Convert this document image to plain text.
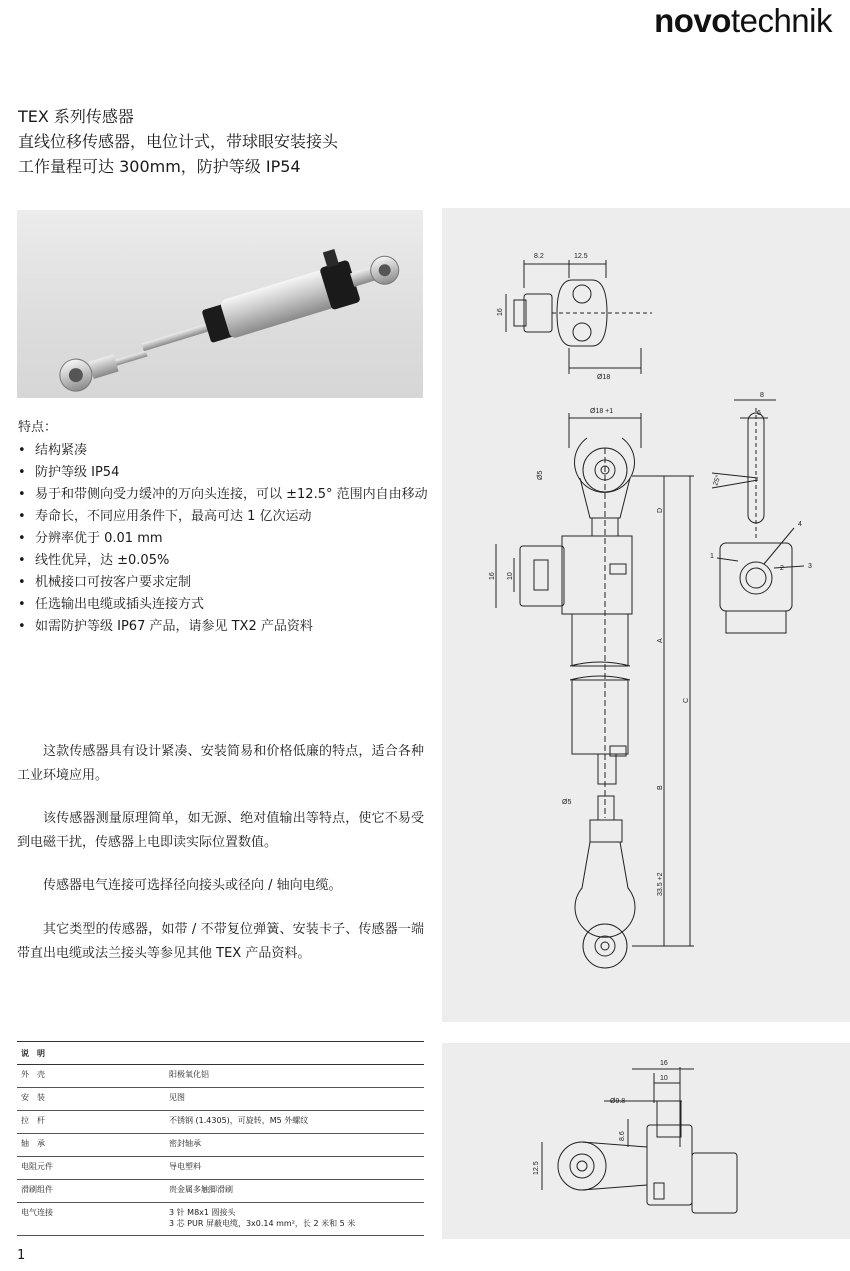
novotechnik
TEX 系列传感器
直线位移传感器，电位计式，带球眼安装接头
工作量程可达 300mm，防护等级 IP54
特点：
• 结构紧凑
• 防护等级 IP54
• 易于和带侧向受力缓冲的万向头连接，可以 ±12.5° 范围内自由移动
• 寿命长，不同应用条件下，最高可达 1 亿次运动
• 分辨率优于 0.01 mm
• 线性优异，达 ±0.05%
• 机械接口可按客户要求定制
• 任选输出电缆或插头连接方式
• 如需防护等级 IP67 产品，请参见 TX2 产品资料

这款传感器具有设计紧凑、安装简易和价格低廉的特点，适合各种工业环境应用。

该传感器测量原理简单，如无源、绝对值输出等特点，使它不易受到电磁干扰，传感器上电即读实际位置数值。

传感器电气连接可选择径向接头或径向 / 轴向电缆。

其它类型的传感器，如带 / 不带复位弹簧、安装卡子、传感器一端带直出电缆或法兰接头等参见其他 TEX 产品资料。

8.2	12.5
16
Ø18
Ø18 +1
Ø5
D
A
B
C
16 10
Ø5
33.5 +2
8
6
25°
1
2	3
4
16
10
Ø9.8
8.6
12.5
说　明	
外　壳	阳极氧化铝
安　装	见图
拉　杆	不锈钢 (1.4305)，可旋转，M5 外螺纹
轴　承	密封轴承
电阻元件	导电塑料
滑刷组件	贵金属多触脚滑刷
电气连接	3 针 M8x1 圆接头
3 芯 PUR 屏蔽电缆，3x0.14 mm²，长 2 米和 5 米
1
